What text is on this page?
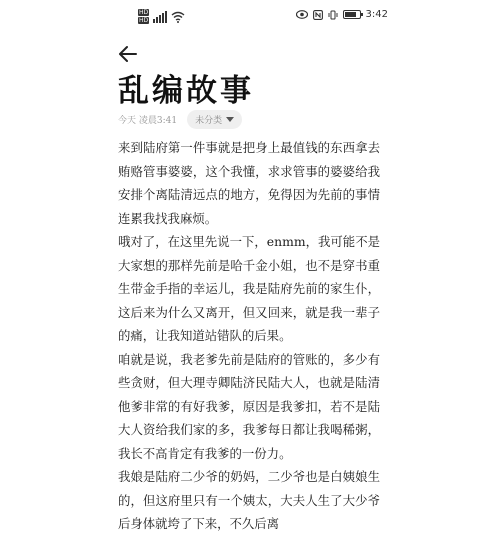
HD
HD
3:42
乱编故事
今天 凌晨3:41 未分类

来到陆府第一件事就是把身上最值钱的东西拿去贿赂管事婆婆，这个我懂，求求管事的婆婆给我安排个离陆清远点的地方，免得因为先前的事情连累我找我麻烦。

哦对了，在这里先说一下，enmm，我可能不是大家想的那样先前是哈千金小姐，也不是穿书重生带金手指的幸运儿，我是陆府先前的家生仆，这后来为什么又离开，但又回来，就是我一辈子的痛，让我知道站错队的后果。

咱就是说，我老爹先前是陆府的管账的，多少有些贪财，但大理寺卿陆济民陆大人，也就是陆清他爹非常的有好我爹，原因是我爹扣，若不是陆大人资给我们家的多，我爹每日都让我喝稀粥，我长不高肯定有我爹的一份力。

我娘是陆府二少爷的奶妈，二少爷也是白姨娘生的，但这府里只有一个姨太，大夫人生了大少爷后身体就垮了下来，不久后离
